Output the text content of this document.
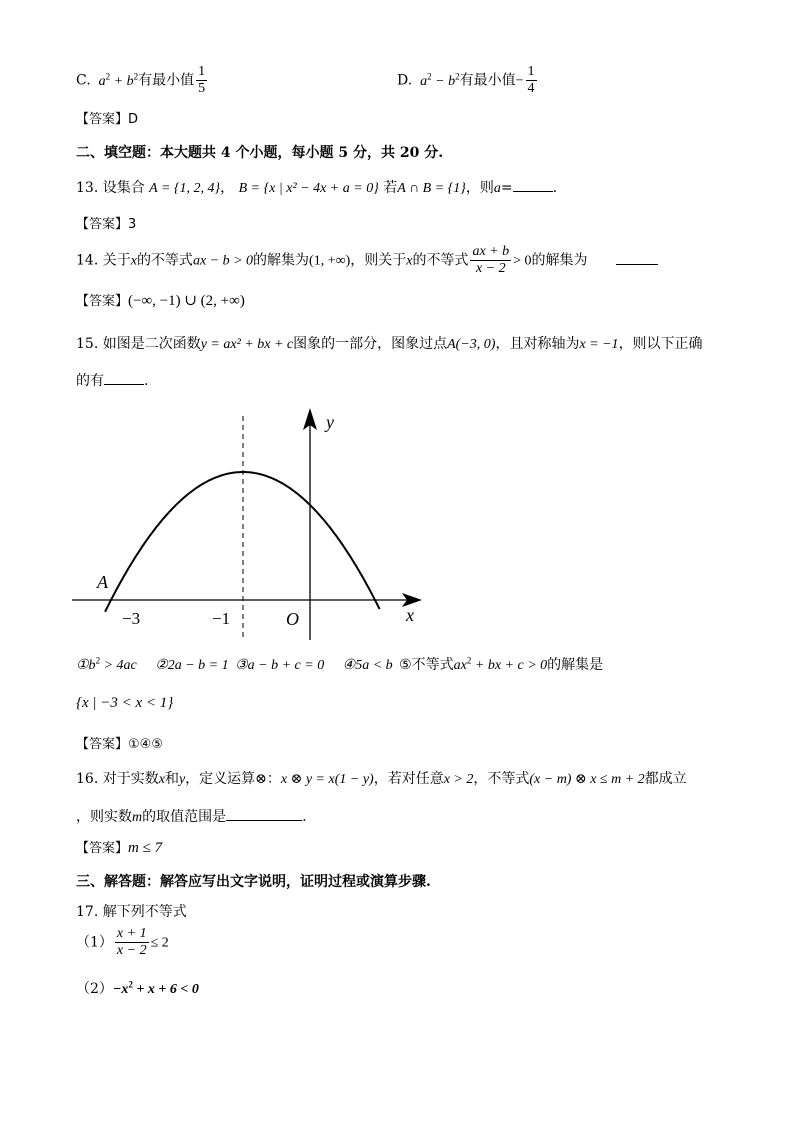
C.  $a^2 + b^2$有最小值 $\frac{1}{5}$	D.  $a^2 - b^2$有最小值− $\frac{1}{4}$
【答案】D
二、填空题：本大题共 4 个小题，每小题 5 分，共 20 分.
13. 设集合 A = {1, 2, 4}， B = {x | x² − 4x + a = 0} 若A ∩ B = {1}，则a=	.
【答案】3
14. 关于x的不等式ax − b > 0的解集为(1, +∞)，则关于x的不等式 $\frac{ax + b}{x - 2} > 0$的解集为
【答案】(−∞, −1) ∪ (2, +∞)
15. 如图是二次函数y = ax² + bx + c图象的一部分，图象过点A(−3, 0)，且对称轴为x = −1，则以下正确
的有	.
y
x
A
O
−3	−1
$①b^2 > 4ac$ ②2a − b = 1 ③a − b + c = 0 ④5a < b ⑤不等式$ax^2$ + bx + c > 0的解集是
{x | −3 < x < 1}
【答案】①④⑤
16. 对于实数x和y，定义运算⊗：x ⊗ y = x(1 − y)，若对任意x > 2，不等式(x − m) ⊗ x ≤ m + 2都成立
，则实数m的取值范围是	.
【答案】m ≤ 7
三、解答题：解答应写出文字说明，证明过程或演算步骤.
17. 解下列不等式
$(1) \frac{x + 1}{x - 2} \le 2$
$(2)-x^2 + x + 6 < 0$
